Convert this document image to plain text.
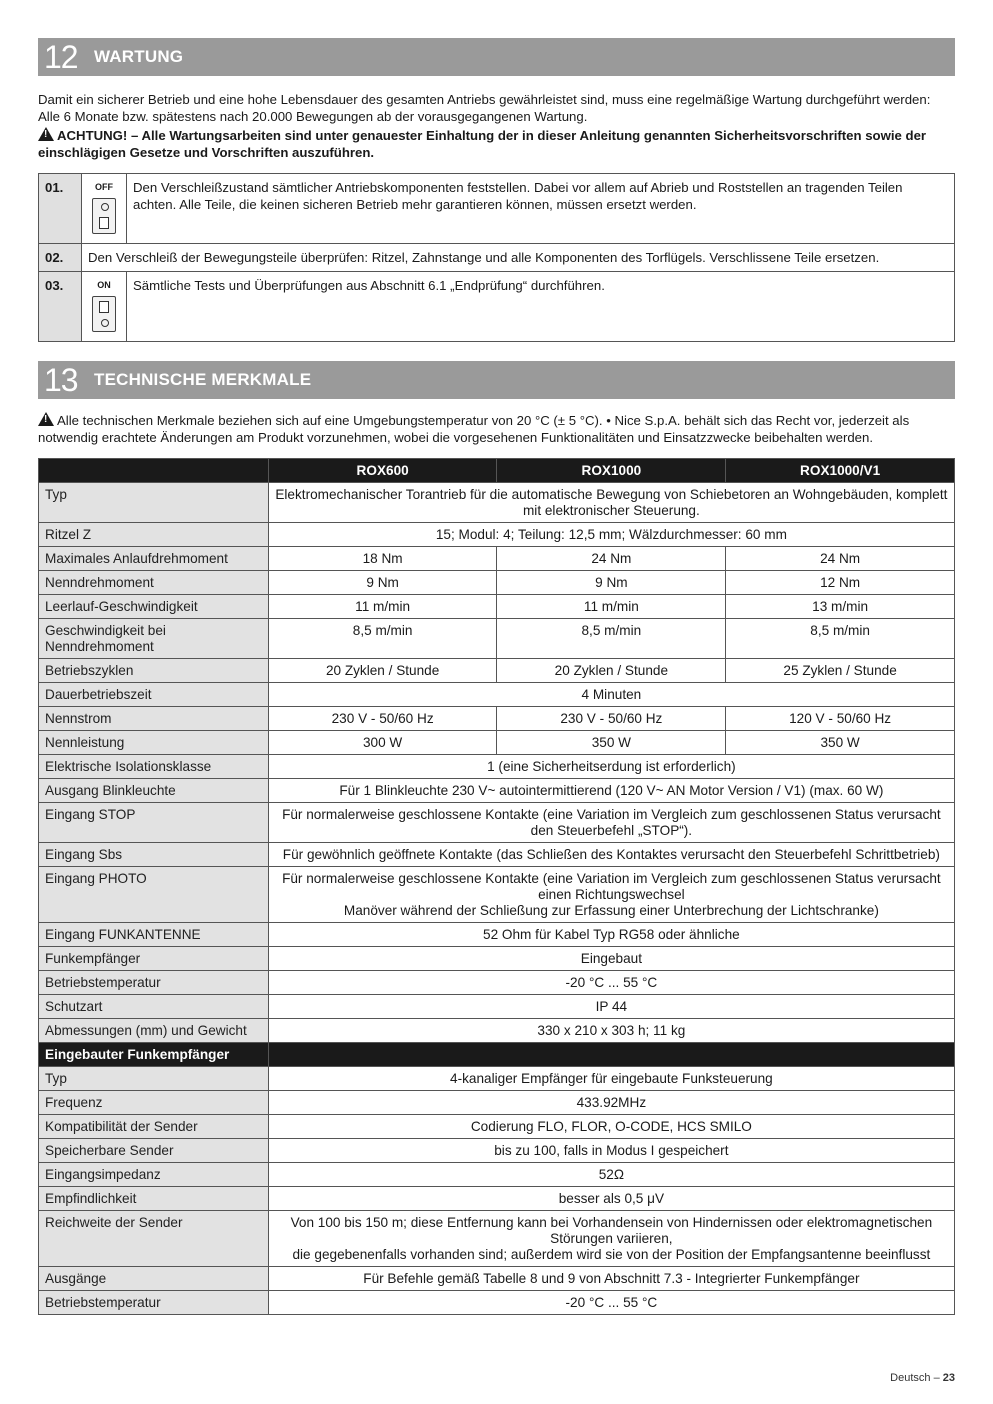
12 WARTUNG

Damit ein sicherer Betrieb und eine hohe Lebensdauer des gesamten Antriebs gewährleistet sind, muss eine regelmäßige Wartung durchgeführt werden: Alle 6 Monate bzw. spätestens nach 20.000 Bewegungen ab der vorausgegangenen Wartung.

! ACHTUNG! – Alle Wartungsarbeiten sind unter genauester Einhaltung der in dieser Anleitung genannten Sicherheitsvorschriften sowie der einschlägigen Gesetze und Vorschriften auszuführen.

01.	OFF	Den Verschleißzustand sämtlicher Antriebskomponenten feststellen. Dabei vor allem auf Abrieb und Roststellen an tragenden Teilen achten. Alle Teile, die keinen sicheren Betrieb mehr garantieren können, müssen ersetzt werden.
02.	Den Verschleiß der Bewegungsteile überprüfen: Ritzel, Zahnstange und alle Komponenten des Torflügels. Verschlissene Teile ersetzen.	
03.	ON	Sämtliche Tests und Überprüfungen aus Abschnitt 6.1 „Endprüfung“ durchführen.
13 TECHNISCHE MERKMALE

! Alle technischen Merkmale beziehen sich auf eine Umgebungstemperatur von 20 °C (± 5 °C). • Nice S.p.A. behält sich das Recht vor, jederzeit als notwendig erachtete Änderungen am Produkt vorzunehmen, wobei die vorgesehenen Funktionalitäten und Einsatzzwecke beibehalten werden.

	ROX600	ROX1000	ROX1000/V1
Typ	Elektromechanischer Torantrieb für die automatische Bewegung von Schiebetoren an Wohngebäuden, komplett mit elektronischer Steuerung.		
Ritzel Z	15; Modul: 4; Teilung: 12,5 mm; Wälzdurchmesser: 60 mm		
Maximales Anlaufdrehmoment	18 Nm	24 Nm	24 Nm
Nenndrehmoment	9 Nm	9 Nm	12 Nm
Leerlauf-Geschwindigkeit	11 m/min	11 m/min	13 m/min
Geschwindigkeit bei Nenndrehmoment	8,5 m/min	8,5 m/min	8,5 m/min
Betriebszyklen	20 Zyklen / Stunde	20 Zyklen / Stunde	25 Zyklen / Stunde
Dauerbetriebszeit	4 Minuten		
Nennstrom	230 V - 50/60 Hz	230 V - 50/60 Hz	120 V - 50/60 Hz
Nennleistung	300 W	350 W	350 W
Elektrische Isolationsklasse	1 (eine Sicherheitserdung ist erforderlich)		
Ausgang Blinkleuchte	Für 1 Blinkleuchte 230 V~ autointermittierend (120 V~ AN Motor Version / V1) (max. 60 W)		
Eingang STOP	Für normalerweise geschlossene Kontakte (eine Variation im Vergleich zum geschlossenen Status verursacht den Steuerbefehl „STOP“).		
Eingang Sbs	Für gewöhnlich geöffnete Kontakte (das Schließen des Kontaktes verursacht den Steuerbefehl Schrittbetrieb)		
Eingang PHOTO	Für normalerweise geschlossene Kontakte (eine Variation im Vergleich zum geschlossenen Status verursacht einen Richtungswechsel
Manöver während der Schließung zur Erfassung einer Unterbrechung der Lichtschranke)		
Eingang FUNKANTENNE	52 Ohm für Kabel Typ RG58 oder ähnliche		
Funkempfänger	Eingebaut		
Betriebstemperatur	-20 °C ... 55 °C		
Schutzart	IP 44		
Abmessungen (mm) und Gewicht	330 x 210 x 303 h; 11 kg		
Eingebauter Funkempfänger			
Typ	4-kanaliger Empfänger für eingebaute Funksteuerung		
Frequenz	433.92MHz		
Kompatibilität der Sender	Codierung FLO, FLOR, O-CODE, HCS SMILO		
Speicherbare Sender	bis zu 100, falls in Modus I gespeichert		
Eingangsimpedanz	52Ω		
Empfindlichkeit	besser als 0,5 μV		
Reichweite der Sender	Von 100 bis 150 m; diese Entfernung kann bei Vorhandensein von Hindernissen oder elektromagnetischen Störungen variieren,
die gegebenenfalls vorhanden sind; außerdem wird sie von der Position der Empfangsantenne beeinflusst		
Ausgänge	Für Befehle gemäß Tabelle 8 und 9 von Abschnitt 7.3 - Integrierter Funkempfänger		
Betriebstemperatur	-20 °C ... 55 °C		
Deutsch – 23
